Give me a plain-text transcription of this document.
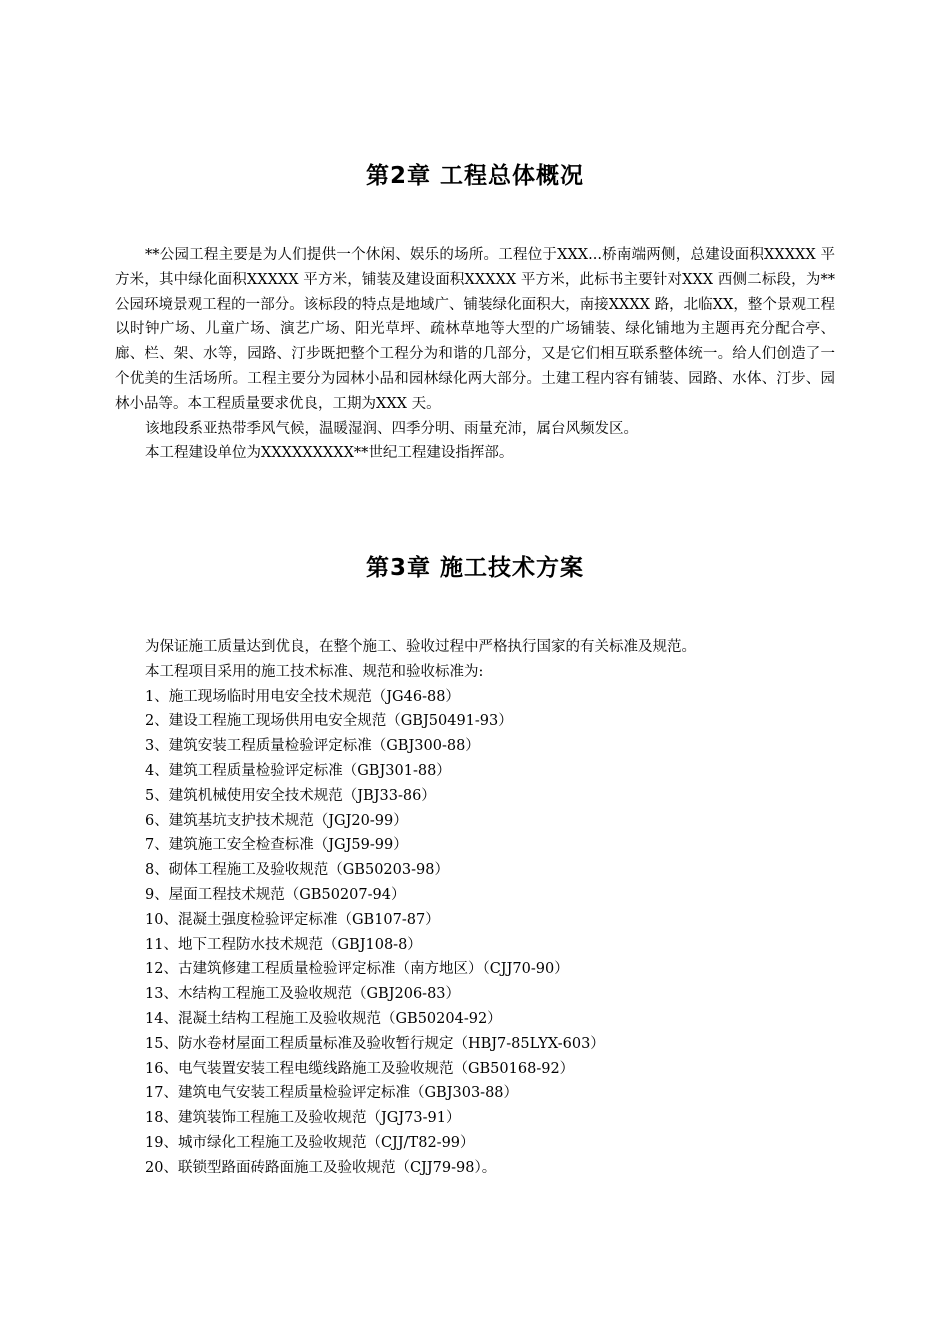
第2章 工程总体概况

**公园工程主要是为人们提供一个休闲、娱乐的场所。工程位于XXX...桥南端两侧，总建设面积XXXXX 平方米，其中绿化面积XXXXX 平方米，铺装及建设面积XXXXX 平方米，此标书主要针对XXX 西侧二标段，为**公园环境景观工程的一部分。该标段的特点是地域广、铺装绿化面积大，南接XXXX 路，北临XX，整个景观工程以时钟广场、儿童广场、演艺广场、阳光草坪、疏林草地等大型的广场铺装、绿化铺地为主题再充分配合亭、廊、栏、架、水等，园路、汀步既把整个工程分为和谐的几部分，又是它们相互联系整体统一。给人们创造了一个优美的生活场所。工程主要分为园林小品和园林绿化两大部分。土建工程内容有铺装、园路、水体、汀步、园林小品等。本工程质量要求优良，工期为XXX 天。

该地段系亚热带季风气候，温暖湿润、四季分明、雨量充沛，属台风频发区。

本工程建设单位为XXXXXXXXX**世纪工程建设指挥部。

第3章 施工技术方案

为保证施工质量达到优良，在整个施工、验收过程中严格执行国家的有关标准及规范。

本工程项目采用的施工技术标准、规范和验收标准为:

1、施工现场临时用电安全技术规范（JG46-88）
2、建设工程施工现场供用电安全规范（GBJ50491-93）
3、建筑安装工程质量检验评定标准（GBJ300-88）
4、建筑工程质量检验评定标准（GBJ301-88）
5、建筑机械使用安全技术规范（JBJ33-86）
6、建筑基坑支护技术规范（JGJ20-99）
7、建筑施工安全检查标准（JGJ59-99）
8、砌体工程施工及验收规范（GB50203-98）
9、屋面工程技术规范（GB50207-94）
10、混凝土强度检验评定标准（GB107-87）
11、地下工程防水技术规范（GBJ108-8）
12、古建筑修建工程质量检验评定标准（南方地区）（CJJ70-90）
13、木结构工程施工及验收规范（GBJ206-83）
14、混凝土结构工程施工及验收规范（GB50204-92）
15、防水卷材屋面工程质量标准及验收暂行规定（HBJ7-85LYX-603）
16、电气装置安装工程电缆线路施工及验收规范（GB50168-92）
17、建筑电气安装工程质量检验评定标准（GBJ303-88）
18、建筑装饰工程施工及验收规范（JGJ73-91）
19、城市绿化工程施工及验收规范（CJJ/T82-99）
20、联锁型路面砖路面施工及验收规范（CJJ79-98）。
